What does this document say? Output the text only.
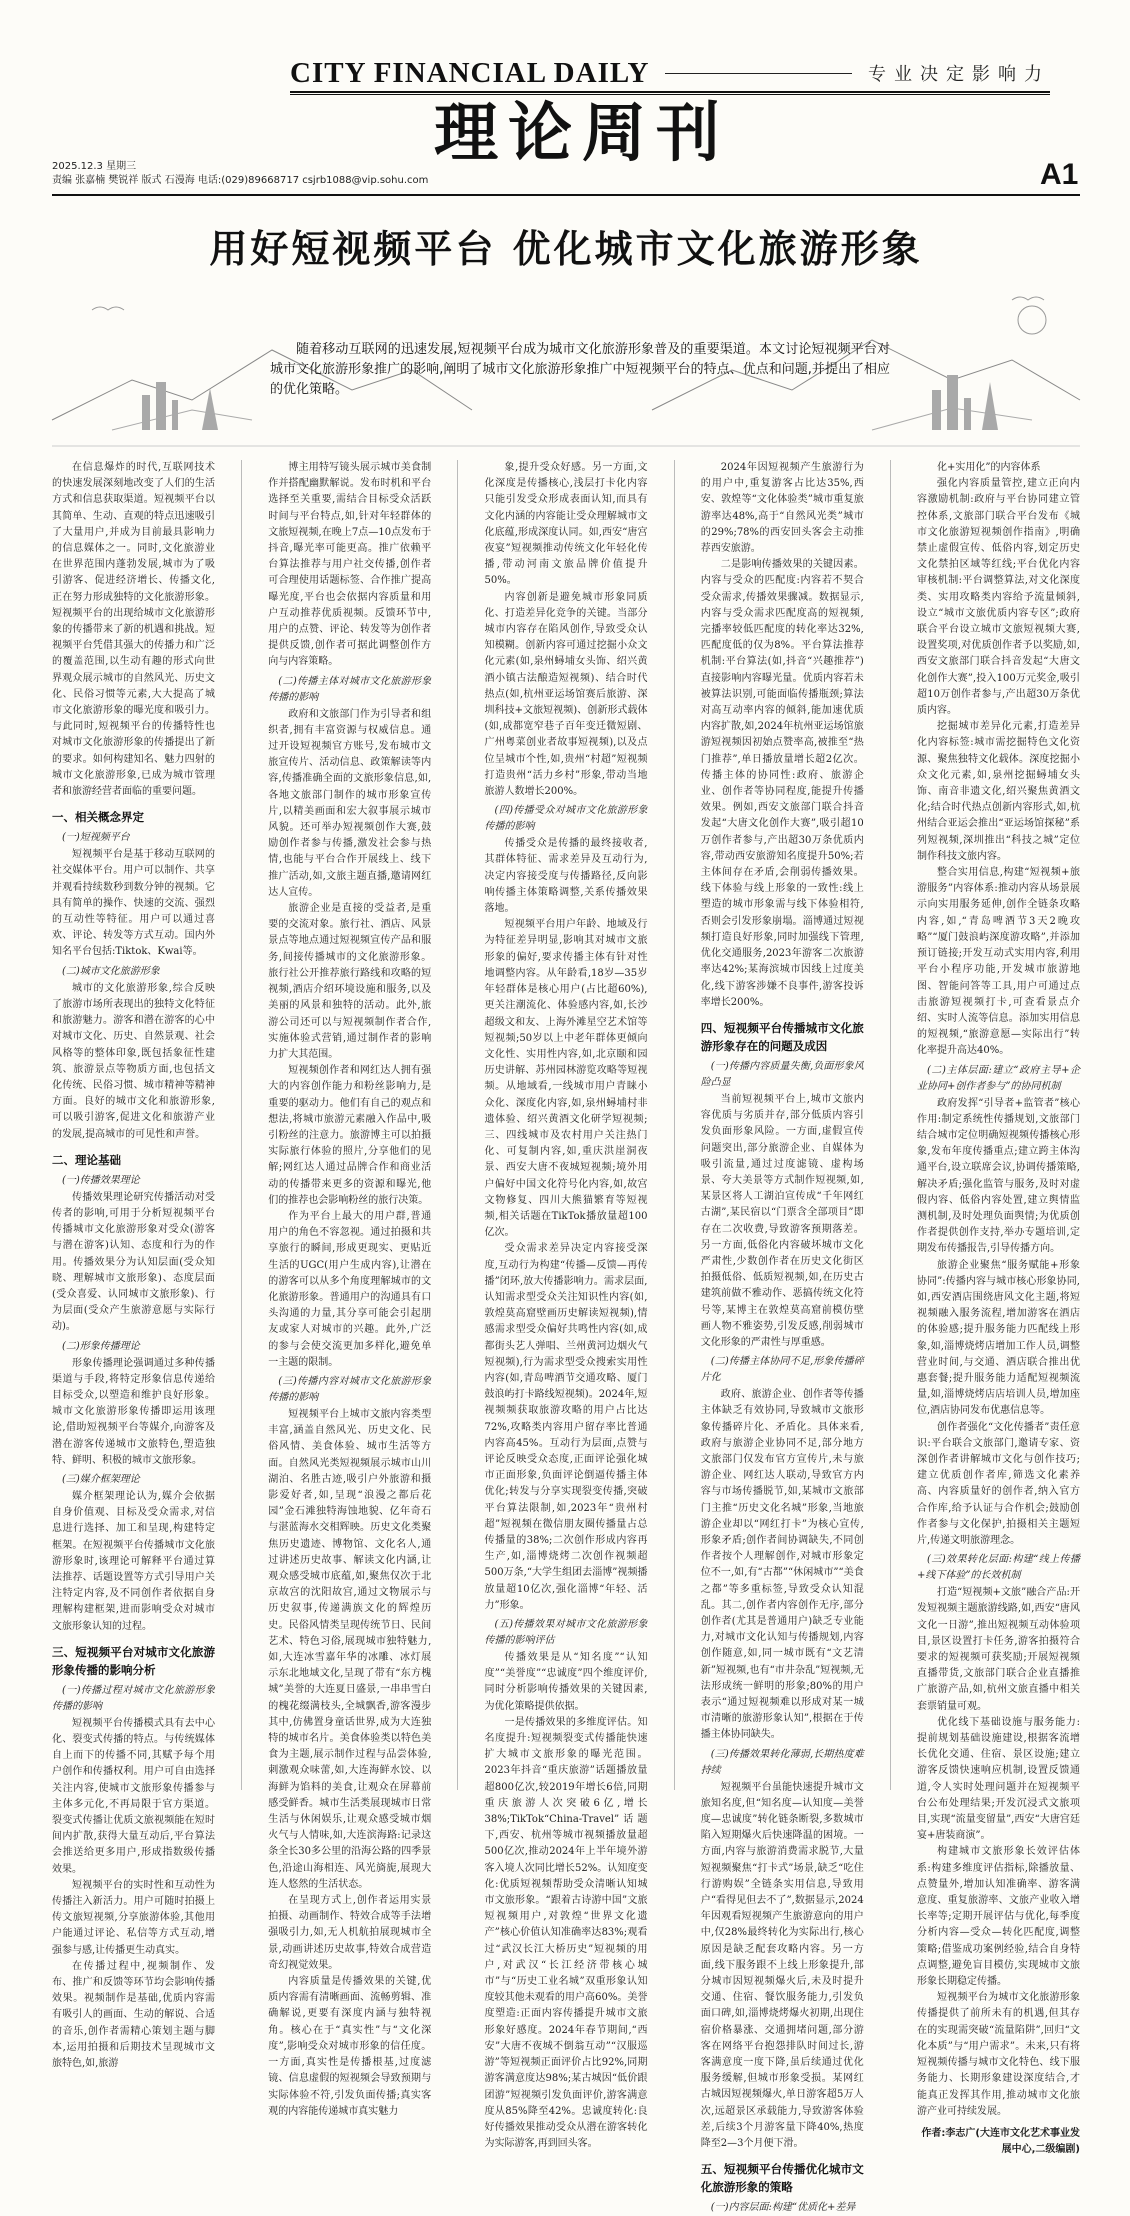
CITY FINANCIAL DAILY	专业决定影响力
理论周刊
2025.12.3 星期三
责编 张嘉楠 樊锐祥 版式 石漫海 电话:(029)89668717 csjrb1088@vip.sohu.com	A1
用好短视频平台 优化城市文化旅游形象
随着移动互联网的迅速发展,短视频平台成为城市文化旅游形象普及的重要渠道。本文讨论短视频平台对城市文化旅游形象推广的影响,阐明了城市文化旅游形象推广中短视频平台的特点、优点和问题,并提出了相应的优化策略。

在信息爆炸的时代,互联网技术的快速发展深刻地改变了人们的生活方式和信息获取渠道。短视频平台以其简单、生动、直观的特点迅速吸引了大量用户,并成为目前最具影响力的信息媒体之一。同时,文化旅游业在世界范围内蓬勃发展,城市为了吸引游客、促进经济增长、传播文化,正在努力形成独特的文化旅游形象。短视频平台的出现给城市文化旅游形象的传播带来了新的机遇和挑战。短视频平台凭借其强大的传播力和广泛的覆盖范围,以生动有趣的形式向世界观众展示城市的自然风光、历史文化、民俗习惯等元素,大大提高了城市文化旅游形象的曝光度和吸引力。与此同时,短视频平台的传播特性也对城市文化旅游形象的传播提出了新的要求。如何构建知名、魅力四射的城市文化旅游形象,已成为城市管理者和旅游经营者面临的重要问题。

一、相关概念界定
(一)短视频平台

短视频平台是基于移动互联网的社交媒体平台。用户可以制作、共享并观看持续数秒到数分钟的视频。它具有简单的操作、快速的交流、强烈的互动性等特征。用户可以通过喜欢、评论、转发等方式互动。国内外知名平台包括:Tiktok、Kwai等。

(二)城市文化旅游形象

城市的文化旅游形象,综合反映了旅游市场所表现出的独特文化特征和旅游魅力。游客和潜在游客的心中对城市文化、历史、自然景观、社会风格等的整体印象,既包括象征性建筑、旅游景点等物质方面,也包括文化传统、民俗习惯、城市精神等精神方面。良好的城市文化和旅游形象,可以吸引游客,促进文化和旅游产业的发展,提高城市的可见性和声誉。

二、理论基础
(一)传播效果理论

传播效果理论研究传播活动对受传者的影响,可用于分析短视频平台传播城市文化旅游形象对受众(游客与潜在游客)认知、态度和行为的作用。传播效果分为认知层面(受众知晓、理解城市文旅形象)、态度层面(受众喜爱、认同城市文旅形象)、行为层面(受众产生旅游意愿与实际行动)。

(二)形象传播理论

形象传播理论强调通过多种传播渠道与手段,将特定形象信息传递给目标受众,以塑造和维护良好形象。城市文化旅游形象传播即运用该理论,借助短视频平台等媒介,向游客及潜在游客传递城市文旅特色,塑造独特、鲜明、积极的城市文旅形象。

(三)媒介框架理论

媒介框架理论认为,媒介会依据自身价值观、目标及受众需求,对信息进行选择、加工和呈现,构建特定框架。在短视频平台传播城市文化旅游形象时,该理论可解释平台通过算法推荐、话题设置等方式引导用户关注特定内容,及不同创作者依据自身理解构建框架,进而影响受众对城市文旅形象认知的过程。

三、短视频平台对城市文化旅游形象传播的影响分析
(一)传播过程对城市文化旅游形象传播的影响

短视频平台传播模式具有去中心化、裂变式传播的特点。与传统媒体自上而下的传播不同,其赋予每个用户创作和传播权利。用户可自由选择关注内容,使城市文旅形象传播参与主体多元化,不再局限于官方渠道。裂变式传播让优质文旅视频能在短时间内扩散,获得大量互动后,平台算法会推送给更多用户,形成指数级传播效果。

短视频平台的实时性和互动性为传播注入新活力。用户可随时拍摄上传文旅短视频,分享旅游体验,其他用户能通过评论、私信等方式互动,增强参与感,让传播更生动真实。

在传播过程中,视频制作、发布、推广和反馈等环节均会影响传播效果。视频制作是基础,优质内容需有吸引人的画面、生动的解说、合适的音乐,创作者需精心策划主题与脚本,运用拍摄和后期技术呈现城市文旅特色,如,旅游

博主用特写镜头展示城市美食制作并搭配幽默解说。发布时机和平台选择至关重要,需结合目标受众活跃时间与平台特点,如,针对年轻群体的文旅短视频,在晚上7点—10点发布于抖音,曝光率可能更高。推广依赖平台算法推荐与用户社交传播,创作者可合理使用话题标签、合作推广提高曝光度,平台也会依据内容质量和用户互动推荐优质视频。反馈环节中,用户的点赞、评论、转发等为创作者提供反馈,创作者可据此调整创作方向与内容策略。

(二)传播主体对城市文化旅游形象传播的影响

政府和文旅部门作为引导者和组织者,拥有丰富资源与权威信息。通过开设短视频官方账号,发布城市文旅宣传片、活动信息、政策解读等内容,传播准确全面的文旅形象信息,如,各地文旅部门制作的城市形象宣传片,以精美画面和宏大叙事展示城市风貌。还可举办短视频创作大赛,鼓励创作者参与传播,激发社会参与热情,也能与平台合作开展线上、线下推广活动,如,文旅主题直播,邀请网红达人宣传。

旅游企业是直接的受益者,是重要的交流对象。旅行社、酒店、风景景点等地点通过短视频宣传产品和服务,间接传播城市的文化旅游形象。旅行社公开推荐旅行路线和攻略的短视频,酒店介绍环境设施和服务,以及美丽的风景和独特的活动。此外,旅游公司还可以与短视频制作者合作,实施体验式营销,通过制作者的影响力扩大其范围。

短视频创作者和网红达人拥有强大的内容创作能力和粉丝影响力,是重要的驱动力。他们有自己的观点和想法,将城市旅游元素融入作品中,吸引粉丝的注意力。旅游博主可以拍摄实际旅行体验的照片,分享他们的见解;网红达人通过品牌合作和商业活动的传播带来更多的资源和曝光,他们的推荐也会影响粉丝的旅行决策。

作为平台上最大的用户群,普通用户的角色不容忽视。通过拍摄和共享旅行的瞬间,形成更现实、更贴近生活的UGC(用户生成内容),让潜在的游客可以从多个角度理解城市的文化旅游形象。普通用户的沟通具有口头沟通的力量,其分享可能会引起朋友或家人对城市的兴趣。此外,广泛的参与会使交流更加多样化,避免单一主题的限制。

(三)传播内容对城市文化旅游形象传播的影响

短视频平台上城市文旅内容类型丰富,涵盖自然风光、历史文化、民俗风情、美食体验、城市生活等方面。自然风光类短视频展示城市山川湖泊、名胜古迹,吸引户外旅游和摄影爱好者,如,呈现“浪漫之都后花园”金石滩独特海蚀地貌、亿年奇石与湛蓝海水交相辉映。历史文化类聚焦历史遗迹、博物馆、文化名人,通过讲述历史故事、解读文化内涵,让观众感受城市底蕴,如,聚焦仅次于北京故宫的沈阳故宫,通过文物展示与历史叙事,传递满族文化的辉煌历史。民俗风情类呈现传统节日、民间艺术、特色习俗,展现城市独特魅力,如,大连冰雪嘉年华的冰雕、冰灯展示东北地域文化,呈现了带有“东方槐城”美誉的大连夏日盛景,一串串雪白的槐花缀满枝头,全城飘香,游客漫步其中,仿佛置身童话世界,成为大连独特的城市名片。美食体验类以特色美食为主题,展示制作过程与品尝体验,刺激观众味蕾,如,大连海鲜水饺、以海鲜为馅料的美食,让观众在屏幕前感受鲜香。城市生活类展现城市日常生活与休闲娱乐,让观众感受城市烟火气与人情味,如,大连滨海路:记录这条全长30多公里的沿海公路的四季景色,沿途山海相连、风光旖旎,展现大连人悠然的生活状态。

在呈现方式上,创作者运用实景拍摄、动画制作、特效合成等手法增强吸引力,如,无人机航拍展现城市全景,动画讲述历史故事,特效合成营造奇幻视觉效果。

内容质量是传播效果的关键,优质内容需有清晰画面、流畅剪辑、准确解说,更要有深度内涵与独特视角。核心在于“真实性”与“文化深度”,影响受众对城市形象的信任度。一方面,真实性是传播根基,过度滤镜、信息虚假的短视频会导致预期与实际体验不符,引发负面传播;真实客观的内容能传递城市真实魅力

象,提升受众好感。另一方面,文化深度是传播核心,浅层打卡化内容只能引发受众形成表面认知,而具有文化内涵的内容能让受众理解城市文化底蕴,形成深度认同。如,西安“唐宫夜宴”短视频推动传统文化年轻化传播,带动河南文旅品牌价值提升50%。

内容创新是避免城市形象同质化、打造差异化竞争的关键。当部分城市内容存在陷风创作,导致受众认知模糊。创新内容可通过挖掘小众文化元素(如,泉州蟳埔女头饰、绍兴黄酒小镇古法酿造短视频)、结合时代热点(如,杭州亚运场馆赛后旅游、深圳科技+文旅短视频)、创新形式载体(如,成都宽窄巷子百年变迁微短剧、广州粤菜创业者故事短视频),以及点位呈城市个性,如,贵州“村超”短视频打造贵州“活力乡村”形象,带动当地旅游人数增长200%。

(四)传播受众对城市文化旅游形象传播的影响

传播受众是传播的最终接收者,其群体特征、需求差异及互动行为,决定内容接受度与传播路径,反向影响传播主体策略调整,关系传播效果落地。

短视频平台用户年龄、地域及行为特征差异明显,影响其对城市文旅形象的偏好,要求传播主体有针对性地调整内容。从年龄看,18岁—35岁年轻群体是核心用户(占比超60%),更关注潮流化、体验感内容,如,长沙超级文和友、上海外滩星空艺术馆等短视频;50岁以上中老年群体更倾向文化性、实用性内容,如,北京颐和园历史讲解、苏州园林游览攻略等短视频。从地域看,一线城市用户青睐小众化、深度化内容,如,泉州蟳埔村非遗体验、绍兴黄酒文化研学短视频;三、四线城市及农村用户关注热门化、可复制内容,如,重庆洪崖洞夜景、西安大唐不夜城短视频;境外用户偏好中国文化符号化内容,如,故宫文物修复、四川大熊猫繁育等短视频,相关话题在TikTok播放量超100亿次。

受众需求差异决定内容接受深度,互动行为构建“传播—反馈—再传播”闭环,放大传播影响力。需求层面,认知需求型受众关注知识性内容(如,敦煌莫高窟壁画历史解读短视频),情感需求型受众偏好共鸣性内容(如,成都街头艺人弹唱、兰州黄河边烟火气短视频),行为需求型受众搜索实用性内容(如,青岛啤酒节交通攻略、厦门鼓浪屿打卡路线短视频)。2024年,短视频频获取旅游攻略的用户占比达72%,攻略类内容用户留存率比普通内容高45%。互动行为层面,点赞与评论反映受众态度,正面评论强化城市正面形象,负面评论倒逼传播主体优化;转发与分享实现裂变传播,突破平台算法限制,如,2023年“贵州村超”短视频在微信朋友圈传播量占总传播量的38%;二次创作形成内容再生产,如,淄博烧烤二次创作视频超500万条,“大学生组团去淄博”视频播放量超10亿次,强化淄博“年轻、活力”形象。

(五)传播效果对城市文化旅游形象传播的影响评估

传播效果是从“知名度”“认知度”“美誉度”“忠诚度”四个维度评价,同时分析影响传播效果的关键因素,为优化策略提供依据。

一是传播效果的多维度评估。知名度提升:短视频裂变式传播能快速扩大城市文旅形象的曝光范围。2023年抖音“重庆旅游”话题播放量超800亿次,较2019年增长6倍,同期重庆旅游人次突破6亿,增长38%;TikTok“China-Travel”话题下,西安、杭州等城市视频播放量超500亿次,推动2024年上半年境外游客入境人次同比增长52%。认知度变化:优质短视频帮助受众清晰认知城市文旅形象。“跟着古诗游中国”文旅短视频用户,对敦煌“世界文化遗产”核心价值认知准确率达83%;观看过“武汉长江大桥历史”短视频的用户,对武汉“长江经济带核心城市”与“历史工业名城”双重形象认知度较其他未观看的用户高60%。美誉度塑造:正面内容传播提升城市文旅形象好感度。2024年春节期间,“西安”大唐不夜城不倒翁互动”“汉服巡游”等短视频正面评价占比92%,同期游客满意度达98%;某古城因“低价跟团游”短视频引发负面评价,游客满意度从85%降至42%。忠诚度转化:良好传播效果推动受众从潜在游客转化为实际游客,再到回头客。

2024年因短视频产生旅游行为的用户中,重复游客占比达35%,西安、敦煌等“文化体验类”城市重复旅游率达48%,高于“自然风光类”城市的29%;78%的西安回头客会主动推荐西安旅游。

二是影响传播效果的关键因素。内容与受众的匹配度:内容若不契合受众需求,传播效果骤减。数据显示,内容与受众需求匹配度高的短视频,完播率较低匹配度的转化率达32%,匹配度低的仅为8%。平台算法推荐机制:平台算法(如,抖音“兴趣推荐”)直接影响内容曝光量。优质内容若未被算法识别,可能面临传播瓶颈;算法对高互动率内容的倾斜,能加速优质内容扩散,如,2024年杭州亚运场馆旅游短视频因初始点赞率高,被推至“热门推荐”,单日播放量增长超2亿次。传播主体的协同性:政府、旅游企业、创作者等协同程度,能提升传播效果。例如,西安文旅部门联合抖音发起“大唐文化创作大赛”,吸引超10万创作者参与,产出超30万条优质内容,带动西安旅游知名度提升50%;若主体间存在矛盾,会削弱传播效果。线下体验与线上形象的一致性:线上塑造的城市形象需与线下体验相符,否则会引发形象崩塌。淄博通过短视频打造良好形象,同时加强线下管理,优化交通服务,2023年游客二次旅游率达42%;某海滨城市因线上过度美化,线下游客涉嫌不良事件,游客投诉率增长200%。

四、短视频平台传播城市文化旅游形象存在的问题及成因
(一)传播内容质量失衡,负面形象风险凸显

当前短视频平台上,城市文旅内容优质与劣质并存,部分低质内容引发负面形象风险。一方面,虚假宣传问题突出,部分旅游企业、自媒体为吸引流量,通过过度滤镜、虚构场景、夸大美景等方式制作短视频,如,某景区将人工湖泊宣传成“千年网红古湖”,某民宿以“门票含全部项目”即存在二次收费,导致游客预期落差。另一方面,低俗化内容破坏城市文化严肃性,少数创作者在历史文化街区拍摄低俗、低质短视频,如,在历史古建筑前做不雅动作、恶搞传统文化符号等,某博主在敦煌莫高窟前模仿壁画人物不雅姿势,引发反感,削弱城市文化形象的严肃性与厚重感。

(二)传播主体协同不足,形象传播碎片化

政府、旅游企业、创作者等传播主体缺乏有效协同,导致城市文旅形象传播碎片化、矛盾化。具体来看,政府与旅游企业协同不足,部分地方文旅部门仅发布官方宣传片,未与旅游企业、网红达人联动,导致官方内容与市场传播脱节,如,某城市文旅部门主推“历史文化名城”形象,当地旅游企业却以“网红打卡”为核心宣传,形象矛盾;创作者间协调缺失,不同创作者按个人理解创作,对城市形象定位不一,如,有“古都”“休闲城市”“美食之都”等多重标签,导致受众认知混乱。其二,创作者内容创作无序,部分创作者(尤其是普通用户)缺乏专业能力,对城市文化认知与传播规划,内容创作随意,如,同一城市既有“文艺清新”短视频,也有“市井杂乱”短视频,无法形成统一鲜明的形象;80%的用户表示“通过短视频难以形成对某一城市清晰的旅游形象认知”,根据在于传播主体协同缺失。

(三)传播效果转化薄弱,长期热度难持续

短视频平台虽能快速提升城市文旅知名度,但“知名度—认知度—美誉度—忠诚度”转化链条断裂,多数城市陷入短期爆火后快速降温的困境。一方面,内容与旅游消费需求脱节,大量短视频聚焦“打卡式”场景,缺乏“吃住行游购娱”全链条实用信息,导致用户“看得见但去不了”,数据显示,2024年因观看短视频产生旅游意向的用户中,仅28%最终转化为实际出行,核心原因是缺乏配套攻略内容。另一方面,线下服务跟不上线上形象提升,部分城市因短视频爆火后,未及时提升交通、住宿、餐饮服务能力,引发负面口碑,如,淄博烧烤爆火初期,出现住宿价格暴涨、交通拥堵问题,部分游客在网络平台抱怨排队时间过长,游客满意度一度下降,虽后续通过优化服务缓解,但城市形象受损。某网红古城因短视频爆火,单日游客超5万人次,远超景区承载能力,导致游客体验差,后续3个月游客量下降40%,热度降至2—3个月便下滑。

五、短视频平台传播优化城市文化旅游形象的策略
(一)内容层面:构建“优质化+差异

化+实用化”的内容体系

强化内容质量管控,建立正向内容激励机制:政府与平台协同建立管控体系,文旅部门联合平台发布《城市文化旅游短视频创作指南》,明确禁止虚假宣传、低俗内容,划定历史文化禁拍区域等红线;平台优化内容审核机制:平台调整算法,对文化深度类、实用攻略类内容给予流量倾斜,设立“城市文旅优质内容专区”;政府联合平台设立城市文旅短视频大赛,设置奖项,对优质创作者予以奖励,如,西安文旅部门联合抖音发起“大唐文化创作大赛”,投入100万元奖金,吸引超10万创作者参与,产出超30万条优质内容。

挖掘城市差异化元素,打造差异化内容标签:城市需挖掘特色文化资源、聚焦独特文化载体。深度挖掘小众文化元素,如,泉州挖掘蟳埔女头饰、南音非遗文化,绍兴聚焦黄酒文化;结合时代热点创新内容形式,如,杭州结合亚运会推出“亚运场馆探秘”系列短视频,深圳推出“科技之城”定位制作科技文旅内容。

整合实用信息,构建“短视频+旅游服务”内容体系:推动内容从场景展示向实用服务延伸,创作全链条攻略内容,如,“青岛啤酒节3天2晚攻略”“厦门鼓浪屿深度游攻略”,并添加预订链接;开发互动式实用内容,利用平台小程序功能,开发城市旅游地图、智能问答等工具,用户可通过点击旅游短视频打卡,可查看景点介绍、实时人流等信息。添加实用信息的短视频,“旅游意愿—实际出行”转化率提升高达40%。

(二)主体层面:建立“政府主导+企业协同+创作者参与”的协同机制

政府发挥“引导者+监管者”核心作用:制定系统性传播规划,文旅部门结合城市定位明确短视频传播核心形象,发布年度传播重点;建立跨主体沟通平台,设立联席会议,协调传播策略,解决矛盾;强化监管与服务,及时对虚假内容、低俗内容处置,建立舆情监测机制,及时处理负面舆情;为优质创作者提供创作支持,举办专题培训,定期发布传播报告,引导传播方向。

旅游企业聚焦“服务赋能+形象协同”:传播内容与城市核心形象协同,如,西安酒店围绕唐风文化主题,将短视频融入服务流程,增加游客在酒店的体验感;提升服务能力匹配线上形象,如,淄博烧烤店增加工作人员,调整营业时间,与交通、酒店联合推出优惠套餐;提升服务能力适配短视频流量,如,淄博烧烤店店培训人员,增加座位,酒店协同发布优惠信息等。

创作者强化“文化传播者”责任意识:平台联合文旅部门,邀请专家、资深创作者讲解城市文化与创作技巧;建立优质创作者库,筛选文化素养高、内容质量好的创作者,纳入官方合作库,给予认证与合作机会;鼓励创作者参与文化保护,拍摄相关主题短片,传递文明旅游理念。

(三)效果转化层面:构建“线上传播+线下体验”的长效机制

打造“短视频+文旅”融合产品:开发短视频主题旅游线路,如,西安“唐风文化一日游”,推出短视频互动体验项目,景区设置打卡任务,游客拍摄符合要求的短视频可获奖励;开展短视频直播带货,文旅部门联合企业直播推广旅游产品,如,杭州文旅直播中相关套票销量可观。

优化线下基础设施与服务能力:提前规划基础设施建设,根据客流增长优化交通、住宿、景区设施;建立游客反馈快速响应机制,设置反馈通道,令人实时处理问题并在短视频平台公布处理结果;开发沉浸式文旅项目,实现“流量变留量”,西安“大唐宫廷宴+唐装商演”。

构建城市文旅形象长效评估体系:构建多维度评估指标,除播放量、点赞量外,增加认知准确率、游客满意度、重复旅游率、文旅产业收入增长率等;定期开展评估与优化,每季度分析内容—受众—转化匹配度,调整策略;借鉴成功案例经验,结合自身特点调整,避免盲目模仿,实现城市文旅形象长期稳定传播。

短视频平台为城市文化旅游形象传播提供了前所未有的机遇,但其存在的实现需突破“流量陷阱”,回归“文化本质”与“用户需求”。未来,只有将短视频传播与城市文化特色、线下服务能力、长期形象建设深度结合,才能真正发挥其作用,推动城市文化旅游产业可持续发展。

作者:李志广(大连市文化艺术事业发展中心,二级编剧)
